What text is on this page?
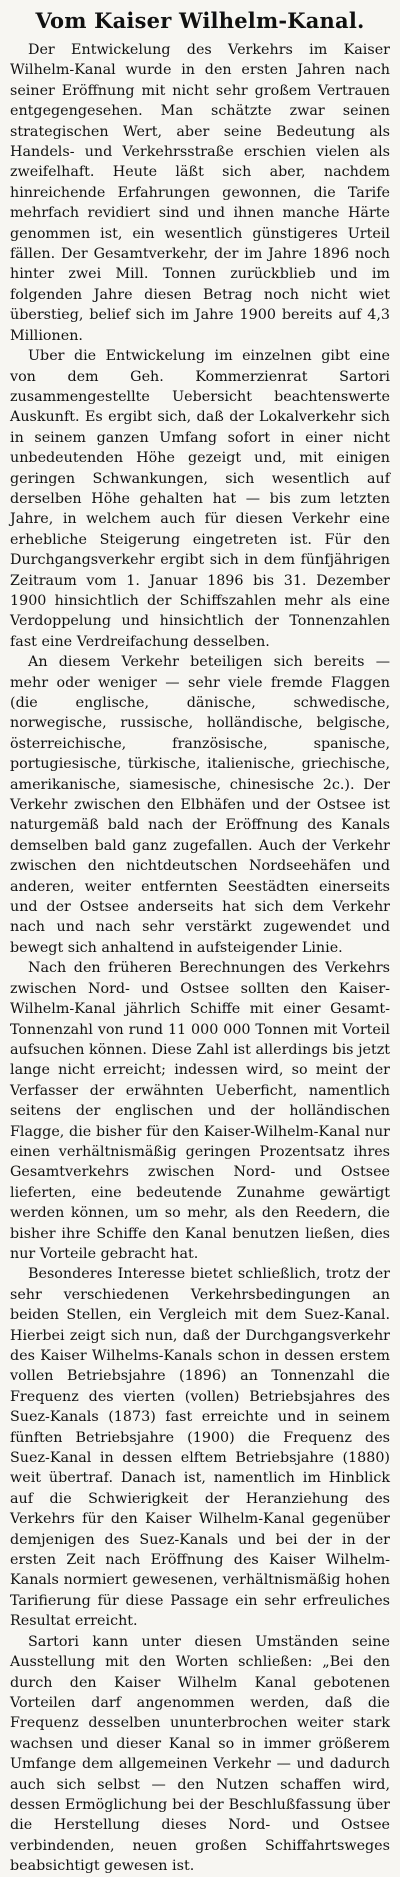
Vom Kaiser Wilhelm-Kanal.

Der Entwickelung des Verkehrs im Kaiser Wilhelm-Kanal wurde in den ersten Jahren nach seiner Eröffnung mit nicht sehr großem Vertrauen entgegengesehen. Man schätzte zwar seinen strategischen Wert, aber seine Bedeutung als Handels- und Verkehrsstraße erschien vielen als zweifelhaft. Heute läßt sich aber, nachdem hinreichende Erfahrungen gewonnen, die Tarife mehrfach revidiert sind und ihnen manche Härte genommen ist, ein wesentlich günstigeres Urteil fällen. Der Gesamtverkehr, der im Jahre 1896 noch hinter zwei Mill. Tonnen zurückblieb und im folgenden Jahre diesen Betrag noch nicht wiet überstieg, belief sich im Jahre 1900 bereits auf 4,3 Millionen.

Uber die Entwickelung im einzelnen gibt eine von dem Geh. Kommerzienrat Sartori zusammengestellte Uebersicht beachtenswerte Auskunft. Es ergibt sich, daß der Lokalverkehr sich in seinem ganzen Umfang sofort in einer nicht unbedeutenden Höhe gezeigt und, mit einigen geringen Schwankungen, sich wesentlich auf derselben Höhe gehalten hat — bis zum letzten Jahre, in welchem auch für diesen Verkehr eine erhebliche Steigerung eingetreten ist. Für den Durchgangsverkehr ergibt sich in dem fünfjährigen Zeitraum vom 1. Januar 1896 bis 31. Dezember 1900 hinsichtlich der Schiffszahlen mehr als eine Verdoppelung und hinsichtlich der Tonnenzahlen fast eine Verdreifachung desselben.

An diesem Verkehr beteiligen sich bereits — mehr oder weniger — sehr viele fremde Flaggen (die englische, dänische, schwedische, norwegische, russische, holländische, belgische, österreichische, französische, spanische, portugiesische, türkische, italienische, griechische, amerikanische, siamesische, chinesische 2c.). Der Verkehr zwischen den Elbhäfen und der Ostsee ist naturgemäß bald nach der Eröffnung des Kanals demselben bald ganz zugefallen. Auch der Verkehr zwischen den nichtdeutschen Nordseehäfen und anderen, weiter entfernten Seestädten einerseits und der Ostsee anderseits hat sich dem Verkehr nach und nach sehr verstärkt zugewendet und bewegt sich anhaltend in aufsteigender Linie.

Nach den früheren Berechnungen des Verkehrs zwischen Nord- und Ostsee sollten den Kaiser-Wilhelm-Kanal jährlich Schiffe mit einer Gesamt-Tonnenzahl von rund 11 000 000 Tonnen mit Vorteil aufsuchen können. Diese Zahl ist allerdings bis jetzt lange nicht erreicht; indessen wird, so meint der Verfasser der erwähnten Ueberficht, namentlich seitens der englischen und der holländischen Flagge, die bisher für den Kaiser-Wilhelm-Kanal nur einen verhältnismäßig geringen Prozentsatz ihres Gesamtverkehrs zwischen Nord- und Ostsee lieferten, eine bedeutende Zunahme gewärtigt werden können, um so mehr, als den Reedern, die bisher ihre Schiffe den Kanal benutzen ließen, dies nur Vorteile gebracht hat.

Besonderes Interesse bietet schließlich, trotz der sehr verschiedenen Verkehrsbedingungen an beiden Stellen, ein Vergleich mit dem Suez-Kanal. Hierbei zeigt sich nun, daß der Durchgangsverkehr des Kaiser Wilhelms-Kanals schon in dessen erstem vollen Betriebsjahre (1896) an Tonnenzahl die Frequenz des vierten (vollen) Betriebsjahres des Suez-Kanals (1873) fast erreichte und in seinem fünften Betriebsjahre (1900) die Frequenz des Suez-Kanal in dessen elftem Betriebsjahre (1880) weit übertraf. Danach ist, namentlich im Hinblick auf die Schwierigkeit der Heranziehung des Verkehrs für den Kaiser Wilhelm-Kanal gegenüber demjenigen des Suez-Kanals und bei der in der ersten Zeit nach Eröffnung des Kaiser Wilhelm-Kanals normiert gewesenen, verhältnismäßig hohen Tarifierung für diese Passage ein sehr erfreuliches Resultat erreicht.

Sartori kann unter diesen Umständen seine Ausstellung mit den Worten schließen: „Bei den durch den Kaiser Wilhelm Kanal gebotenen Vorteilen darf angenommen werden, daß die Frequenz desselben ununterbrochen weiter stark wachsen und dieser Kanal so in immer größerem Umfange dem allgemeinen Verkehr — und dadurch auch sich selbst — den Nutzen schaffen wird, dessen Ermöglichung bei der Beschlußfassung über die Herstellung dieses Nord- und Ostsee verbindenden, neuen großen Schiffahrtsweges beabsichtigt gewesen ist.
